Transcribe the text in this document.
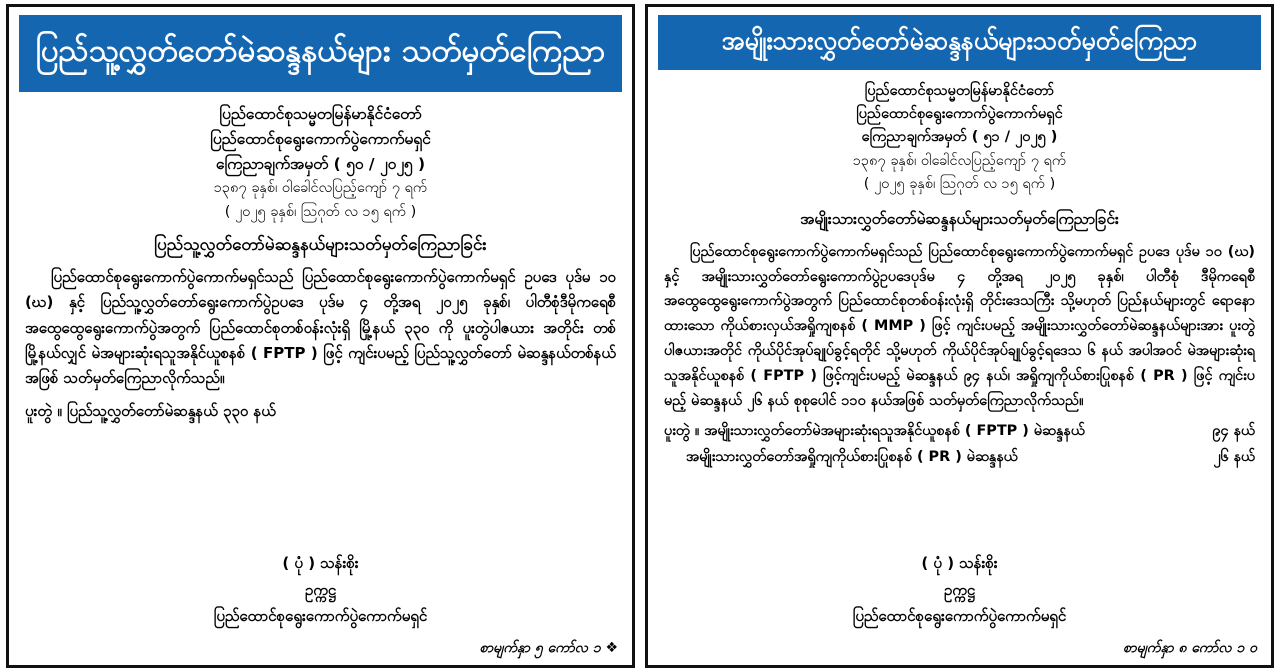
ပြည်သူ့လွှတ်တော်မဲဆန္ဒနယ်များ သတ်မှတ်ကြေညာ
ပြည်ထောင်စုသမ္မတမြန်မာနိုင်ငံတော်
ပြည်ထောင်စုရွေးကောက်ပွဲကောက်မရှင်
ကြေညာချက်အမှတ် ( ၅၀ / ၂၀၂၅ )
၁၃၈၇ ခုနှစ်၊ ဝါခေါင်လပြည့်ကျော် ၇ ရက်
( ၂၀၂၅ ခုနှစ်၊ ဩဂုတ် လ ၁၅ ရက် )
ပြည်သူ့လွှတ်တော်မဲဆန္ဒနယ်များသတ်မှတ်ကြေညာခြင်း
ပြည်ထောင်စုရွေးကောက်ပွဲကောက်မရှင်သည် ပြည်ထောင်စုရွေးကောက်ပွဲကောက်မရှင် ဥပဒေ ပုဒ်မ ၁၀ (ဃ) နှင့် ပြည်သူ့လွှတ်တော်ရွေးကောက်ပွဲဥပဒေ ပုဒ်မ ၄ တို့အရ ၂၀၂၅ ခုနှစ်၊ ပါတီစုံဒီမိုကရေစီအထွေထွေရွေးကောက်ပွဲအတွက် ပြည်ထောင်စုတစ်ဝန်းလုံးရှိ မြို့နယ် ၃၃၀ ကို ပူးတွဲပါဇယား အတိုင်း တစ်မြို့နယ်လျှင် မဲအများဆုံးရသူအနိုင်ယူစနစ် ( FPTP ) ဖြင့် ကျင်းပမည့် ပြည်သူ့လွှတ်တော် မဲဆန္ဒနယ်တစ်နယ်အဖြစ် သတ်မှတ်ကြေညာလိုက်သည်။
ပူးတွဲ ။ ပြည်သူ့လွှတ်တော်မဲဆန္ဒနယ် ၃၃၀ နယ်
( ပုံ ) သန်းစိုး
ဥက္ကဋ္ဌ
ပြည်ထောင်စုရွေးကောက်ပွဲကောက်မရှင်
စာမျက်နှာ ၅ ကော်လ ၁ ❖
အမျိုးသားလွှတ်တော်မဲဆန္ဒနယ်များသတ်မှတ်ကြေညာ
ပြည်ထောင်စုသမ္မတမြန်မာနိုင်ငံတော်
ပြည်ထောင်စုရွေးကောက်ပွဲကောက်မရှင်
ကြေညာချက်အမှတ် ( ၅၁ / ၂၀၂၅ )
၁၃၈၇ ခုနှစ်၊ ဝါခေါင်လပြည့်ကျော် ၇ ရက်
( ၂၀၂၅ ခုနှစ်၊ ဩဂုတ် လ ၁၅ ရက် )
အမျိုးသားလွှတ်တော်မဲဆန္ဒနယ်များသတ်မှတ်ကြေညာခြင်း
ပြည်ထောင်စုရွေးကောက်ပွဲကောက်မရှင်သည် ပြည်ထောင်စုရွေးကောက်ပွဲကောက်မရှင် ဥပဒေ ပုဒ်မ ၁၀ (ဃ) နှင့် အမျိုးသားလွှတ်တော်ရွေးကောက်ပွဲဥပဒေပုဒ်မ ၄ တို့အရ ၂၀၂၅ ခုနှစ်၊ ပါတီစုံ ဒီမိုကရေစီအထွေထွေရွေးကောက်ပွဲအတွက် ပြည်ထောင်စုတစ်ဝန်းလုံးရှိ တိုင်းဒေသကြီး သို့မဟုတ် ပြည်နယ်များတွင် ရောနောထားသော ကိုယ်စားလှယ်အရှိုကျစနစ် ( MMP ) ဖြင့် ကျင်းပမည့် အမျိုးသားလွှတ်တော်မဲဆန္ဒနယ်များအား ပူးတွဲပါဇယားအတိုင် ကိုယ်ပိုင်အုပ်ချုပ်ခွင့်ရတိုင် သို့မဟုတ် ကိုယ်ပိုင်အုပ်ချုပ်ခွင့်ရဒေသ ၆ နယ် အပါအဝင် မဲအများဆုံးရသူအနိုင်ယူစနစ် ( FPTP ) ဖြင့်ကျင်းပမည့် မဲဆန္ဒနယ် ၉၄ နယ်၊ အရှိုကျကိုယ်စားပြုစနစ် ( PR ) ဖြင့် ကျင်းပမည့် မဲဆန္ဒနယ် ၂၆ နယ် စုစုပေါင် ၁၁၀ နယ်အဖြစ် သတ်မှတ်ကြေညာလိုက်သည်။
ပူးတွဲ ။ အမျိုးသားလွှတ်တော်မဲအများဆုံးရသူအနိုင်ယူစနစ် ( FPTP ) မဲဆန္ဒနယ်	၉၄ နယ်
အမျိုးသားလွှတ်တော်အရှိုကျကိုယ်စားပြုစနစ် ( PR ) မဲဆန္ဒနယ်	၂၆ နယ်
( ပုံ ) သန်းစိုး
ဥက္ကဋ္ဌ
ပြည်ထောင်စုရွေးကောက်ပွဲကောက်မရှင်
စာမျက်နှာ ၈ ကော်လ ၁ ဝ
